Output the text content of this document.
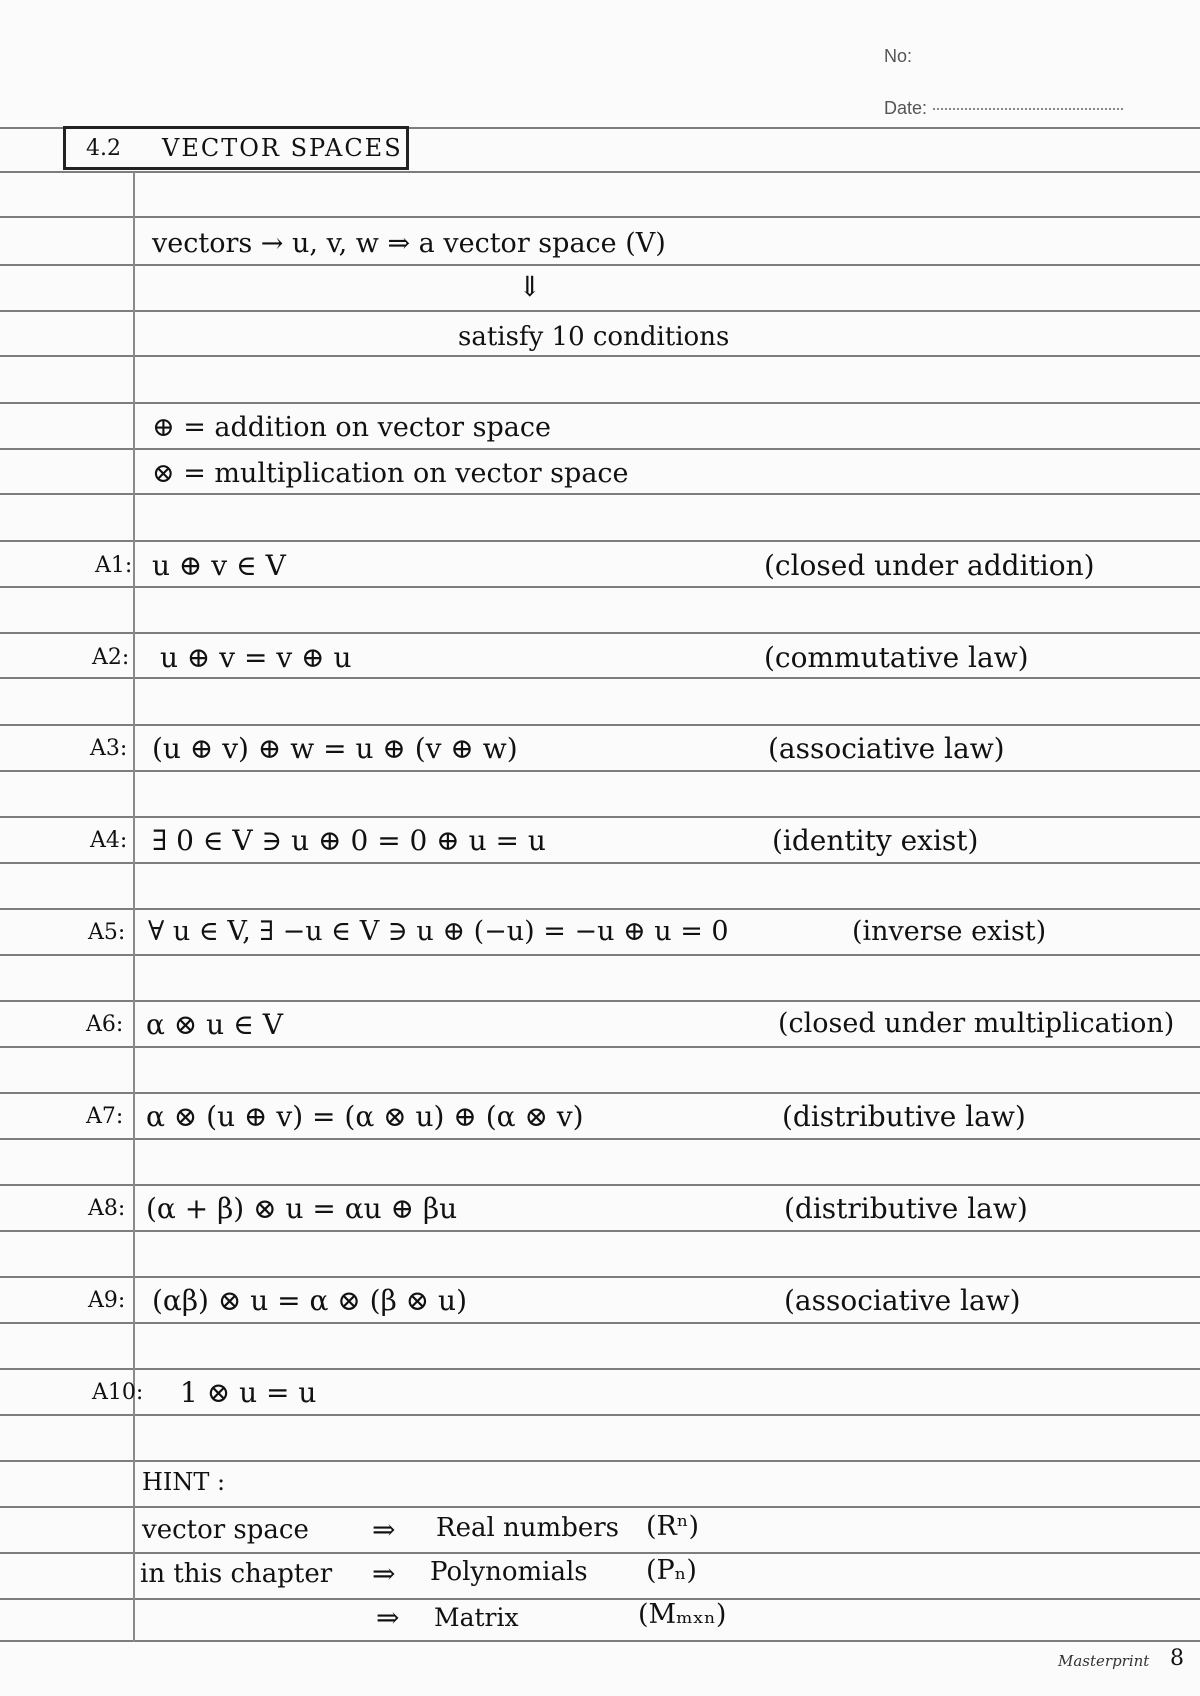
No:
Date:
4.2 VECTOR SPACES
vectors → u, v, w ⇒ a vector space (V)
⇓
satisfy 10 conditions
⊕ = addition on vector space
⊗ = multiplication on vector space
A1: u ⊕ v ∈ V	(closed under addition)
A2: u ⊕ v = v ⊕ u	(commutative law)
A3: (u ⊕ v) ⊕ w = u ⊕ (v ⊕ w)	(associative law)
A4: ∃ 0 ∈ V ∋ u ⊕ 0 = 0 ⊕ u = u	(identity exist)
A5: ∀ u ∈ V, ∃ −u ∈ V ∋ u ⊕ (−u) = −u ⊕ u = 0	(inverse exist)
A6: α ⊗ u ∈ V	(closed under multiplication)
A7: α ⊗ (u ⊕ v) = (α ⊗ u) ⊕ (α ⊗ v)	(distributive law)
A8: (α + β) ⊗ u = αu ⊕ βu	(distributive law)
A9: (αβ) ⊗ u = α ⊗ (β ⊗ u)	(associative law)
A10: 1 ⊗ u = u
HINT :
vector space ⇒ Real numbers (Rⁿ)
in this chapter ⇒ Polynomials (Pₙ)
⇒ Matrix	(Mₘₓₙ)
Masterprint 8
